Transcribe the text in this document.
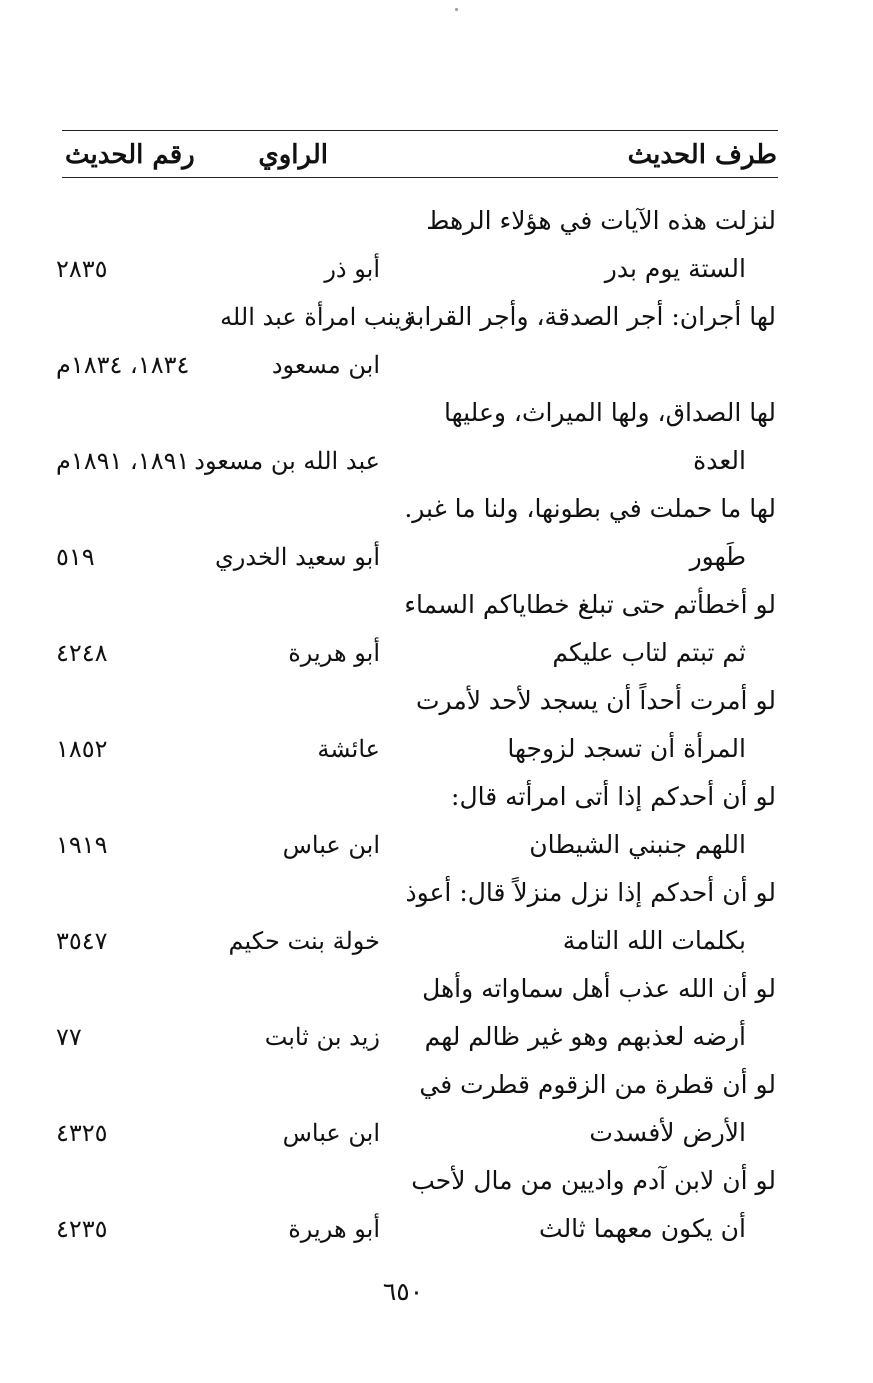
طرف الحديث
الراوي
رقم الحديث
لنزلت هذه الآيات في هؤلاء الرهط
الستة يوم بدر
أبو ذر
٢٨٣٥
لها أجران: أجر الصدقة، وأجر القرابة
زينب امرأة عبد الله
ابن مسعود
١٨٣٤، ١٨٣٤م
لها الصداق، ولها الميراث، وعليها
العدة
عبد الله بن مسعود
١٨٩١، ١٨٩١م
لها ما حملت في بطونها، ولنا ما غبر.
طَهور
أبو سعيد الخدري
٥١٩
لو أخطأتم حتى تبلغ خطاياكم السماء
ثم تبتم لتاب عليكم
أبو هريرة
٤٢٤٨
لو أمرت أحداً أن يسجد لأحد لأمرت
المرأة أن تسجد لزوجها
عائشة
١٨٥٢
لو أن أحدكم إذا أتى امرأته قال:
اللهم جنبني الشيطان
ابن عباس
١٩١٩
لو أن أحدكم إذا نزل منزلاً قال: أعوذ
بكلمات الله التامة
خولة بنت حكيم
٣٥٤٧
لو أن الله عذب أهل سماواته وأهل
أرضه لعذبهم وهو غير ظالم لهم
زيد بن ثابت
٧٧
لو أن قطرة من الزقوم قطرت في
الأرض لأفسدت
ابن عباس
٤٣٢٥
لو أن لابن آدم واديين من مال لأحب
أن يكون معهما ثالث
أبو هريرة
٤٢٣٥
٦٥٠
